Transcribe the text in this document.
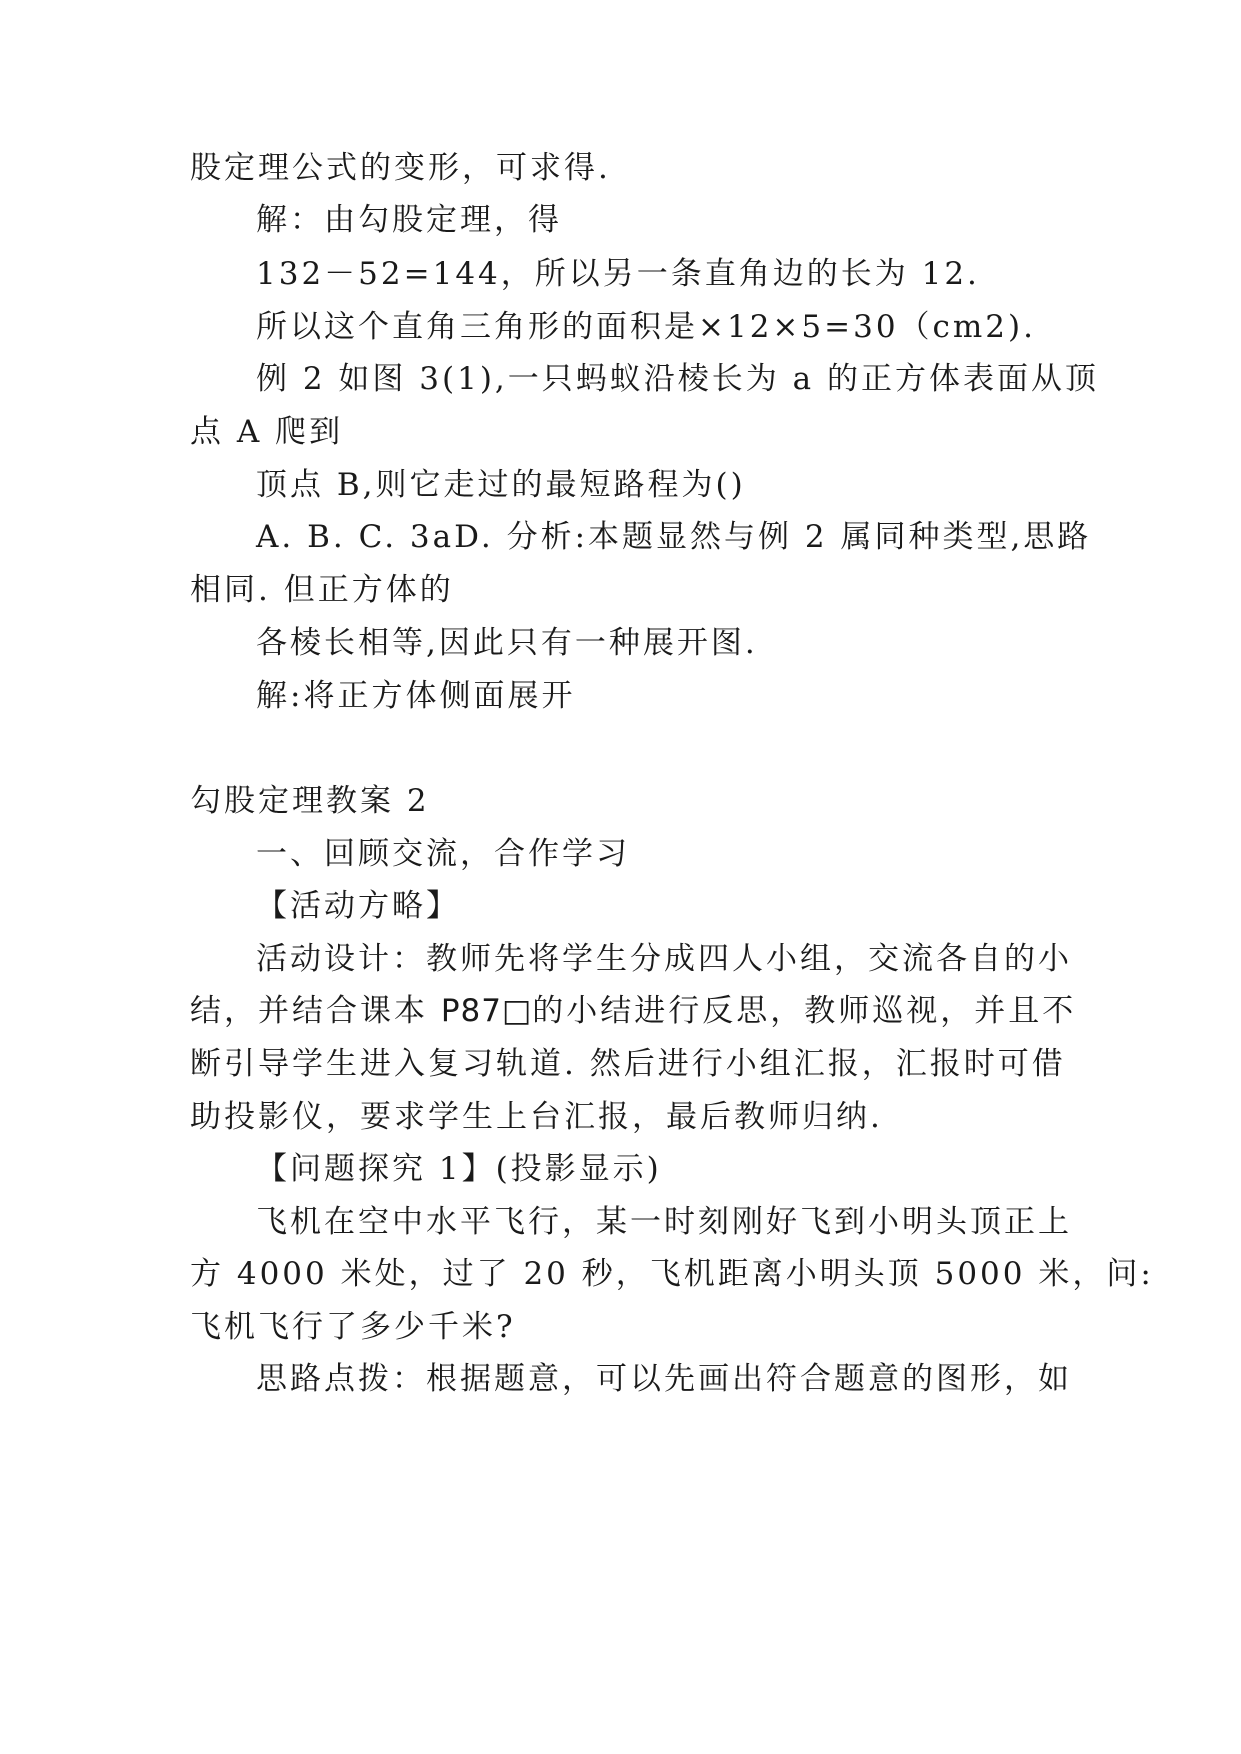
股定理公式的变形，可求得.
解：由勾股定理，得
132－52=144，所以另一条直角边的长为 12.
所以这个直角三角形的面积是×12×5=30（cm2).
例 2 如图 3(1),一只蚂蚁沿棱长为 a 的正方体表面从顶
点 A 爬到
顶点 B,则它走过的最短路程为()
A. B. C. 3aD. 分析:本题显然与例 2 属同种类型,思路
相同. 但正方体的
各棱长相等,因此只有一种展开图.
解:将正方体侧面展开
勾股定理教案 2
一、回顾交流，合作学习
【活动方略】
活动设计：教师先将学生分成四人小组，交流各自的小
结，并结合课本 P87□的小结进行反思，教师巡视，并且不
断引导学生进入复习轨道. 然后进行小组汇报，汇报时可借
助投影仪，要求学生上台汇报，最后教师归纳.
【问题探究 1】(投影显示)
飞机在空中水平飞行，某一时刻刚好飞到小明头顶正上
方 4000 米处，过了 20 秒，飞机距离小明头顶 5000 米，问:
飞机飞行了多少千米?
思路点拨：根据题意，可以先画出符合题意的图形，如
